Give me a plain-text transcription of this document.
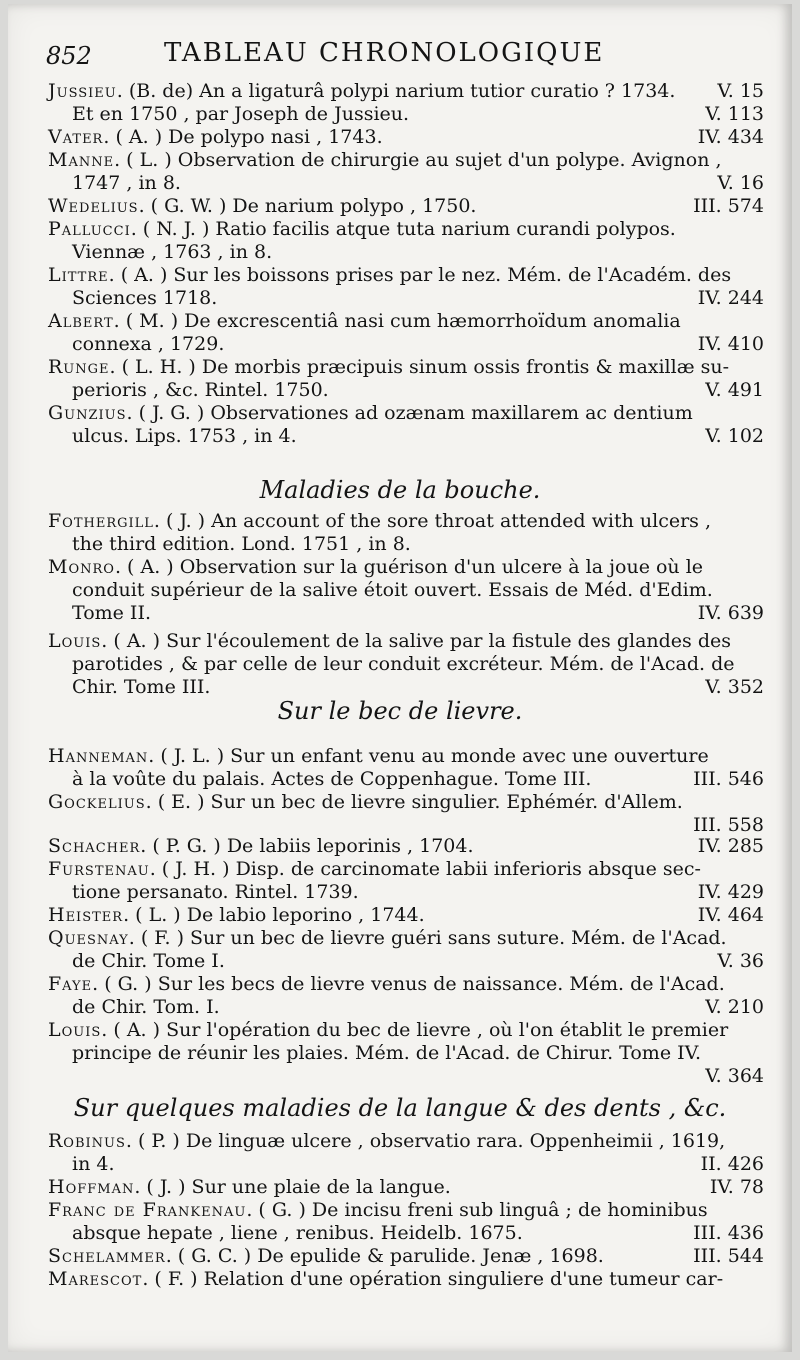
852	TABLEAU CHRONOLOGIQUE
Jussieu. (B. de) An a ligaturâ polypi narium tutior curatio ? 1734. V. 15
Et en 1750 , par Joseph de Jussieu.	V. 113
Vater. ( A. ) De polypo nasi , 1743.	IV. 434
Manne. ( L. ) Observation de chirurgie au sujet d'un polype. Avignon ,
1747 , in 8.	V. 16
Wedelius. ( G. W. ) De narium polypo , 1750.	III. 574
Pallucci. ( N. J. ) Ratio facilis atque tuta narium curandi polypos.
Viennæ , 1763 , in 8.
Littre. ( A. ) Sur les boissons prises par le nez. Mém. de l'Académ. des
Sciences 1718.	IV. 244
Albert. ( M. ) De excrescentiâ nasi cum hæmorrhoïdum anomalia
connexa , 1729.	IV. 410
Runge. ( L. H. ) De morbis præcipuis sinum ossis frontis & maxillæ su-
perioris , &c. Rintel. 1750.	V. 491
Gunzius. ( J. G. ) Observationes ad ozænam maxillarem ac dentium
ulcus. Lips. 1753 , in 4.	V. 102
Maladies de la bouche.
Fothergill. ( J. ) An account of the sore throat attended with ulcers ,
the third edition. Lond. 1751 , in 8.
Monro. ( A. ) Observation sur la guérison d'un ulcere à la joue où le
conduit supérieur de la salive étoit ouvert. Essais de Méd. d'Edim.
Tome II.	IV. 639
Louis. ( A. ) Sur l'écoulement de la salive par la fistule des glandes des
parotides , & par celle de leur conduit excréteur. Mém. de l'Acad. de
Chir. Tome III.	V. 352
Sur le bec de lievre.
Hanneman. ( J. L. ) Sur un enfant venu au monde avec une ouverture
à la voûte du palais. Actes de Coppenhague. Tome III.	III. 546
Gockelius. ( E. ) Sur un bec de lievre singulier. Ephémér. d'Allem.
III. 558
Schacher. ( P. G. ) De labiis leporinis , 1704.	IV. 285
Furstenau. ( J. H. ) Disp. de carcinomate labii inferioris absque sec-
tione persanato. Rintel. 1739.	IV. 429
Heister. ( L. ) De labio leporino , 1744.	IV. 464
Quesnay. ( F. ) Sur un bec de lievre guéri sans suture. Mém. de l'Acad.
de Chir. Tome I.	V. 36
Faye. ( G. ) Sur les becs de lievre venus de naissance. Mém. de l'Acad.
de Chir. Tom. I.	V. 210
Louis. ( A. ) Sur l'opération du bec de lievre , où l'on établit le premier
principe de réunir les plaies. Mém. de l'Acad. de Chirur. Tome IV.
V. 364
Sur quelques maladies de la langue & des dents , &c.
Robinus. ( P. ) De linguæ ulcere , observatio rara. Oppenheimii , 1619,
in 4.	II. 426
Hoffman. ( J. ) Sur une plaie de la langue.	IV. 78
Franc de Frankenau. ( G. ) De incisu freni sub linguâ ; de hominibus
absque hepate , liene , renibus. Heidelb. 1675.	III. 436
Schelammer. ( G. C. ) De epulide & parulide. Jenæ , 1698.	III. 544
Marescot. ( F. ) Relation d'une opération singuliere d'une tumeur car-
